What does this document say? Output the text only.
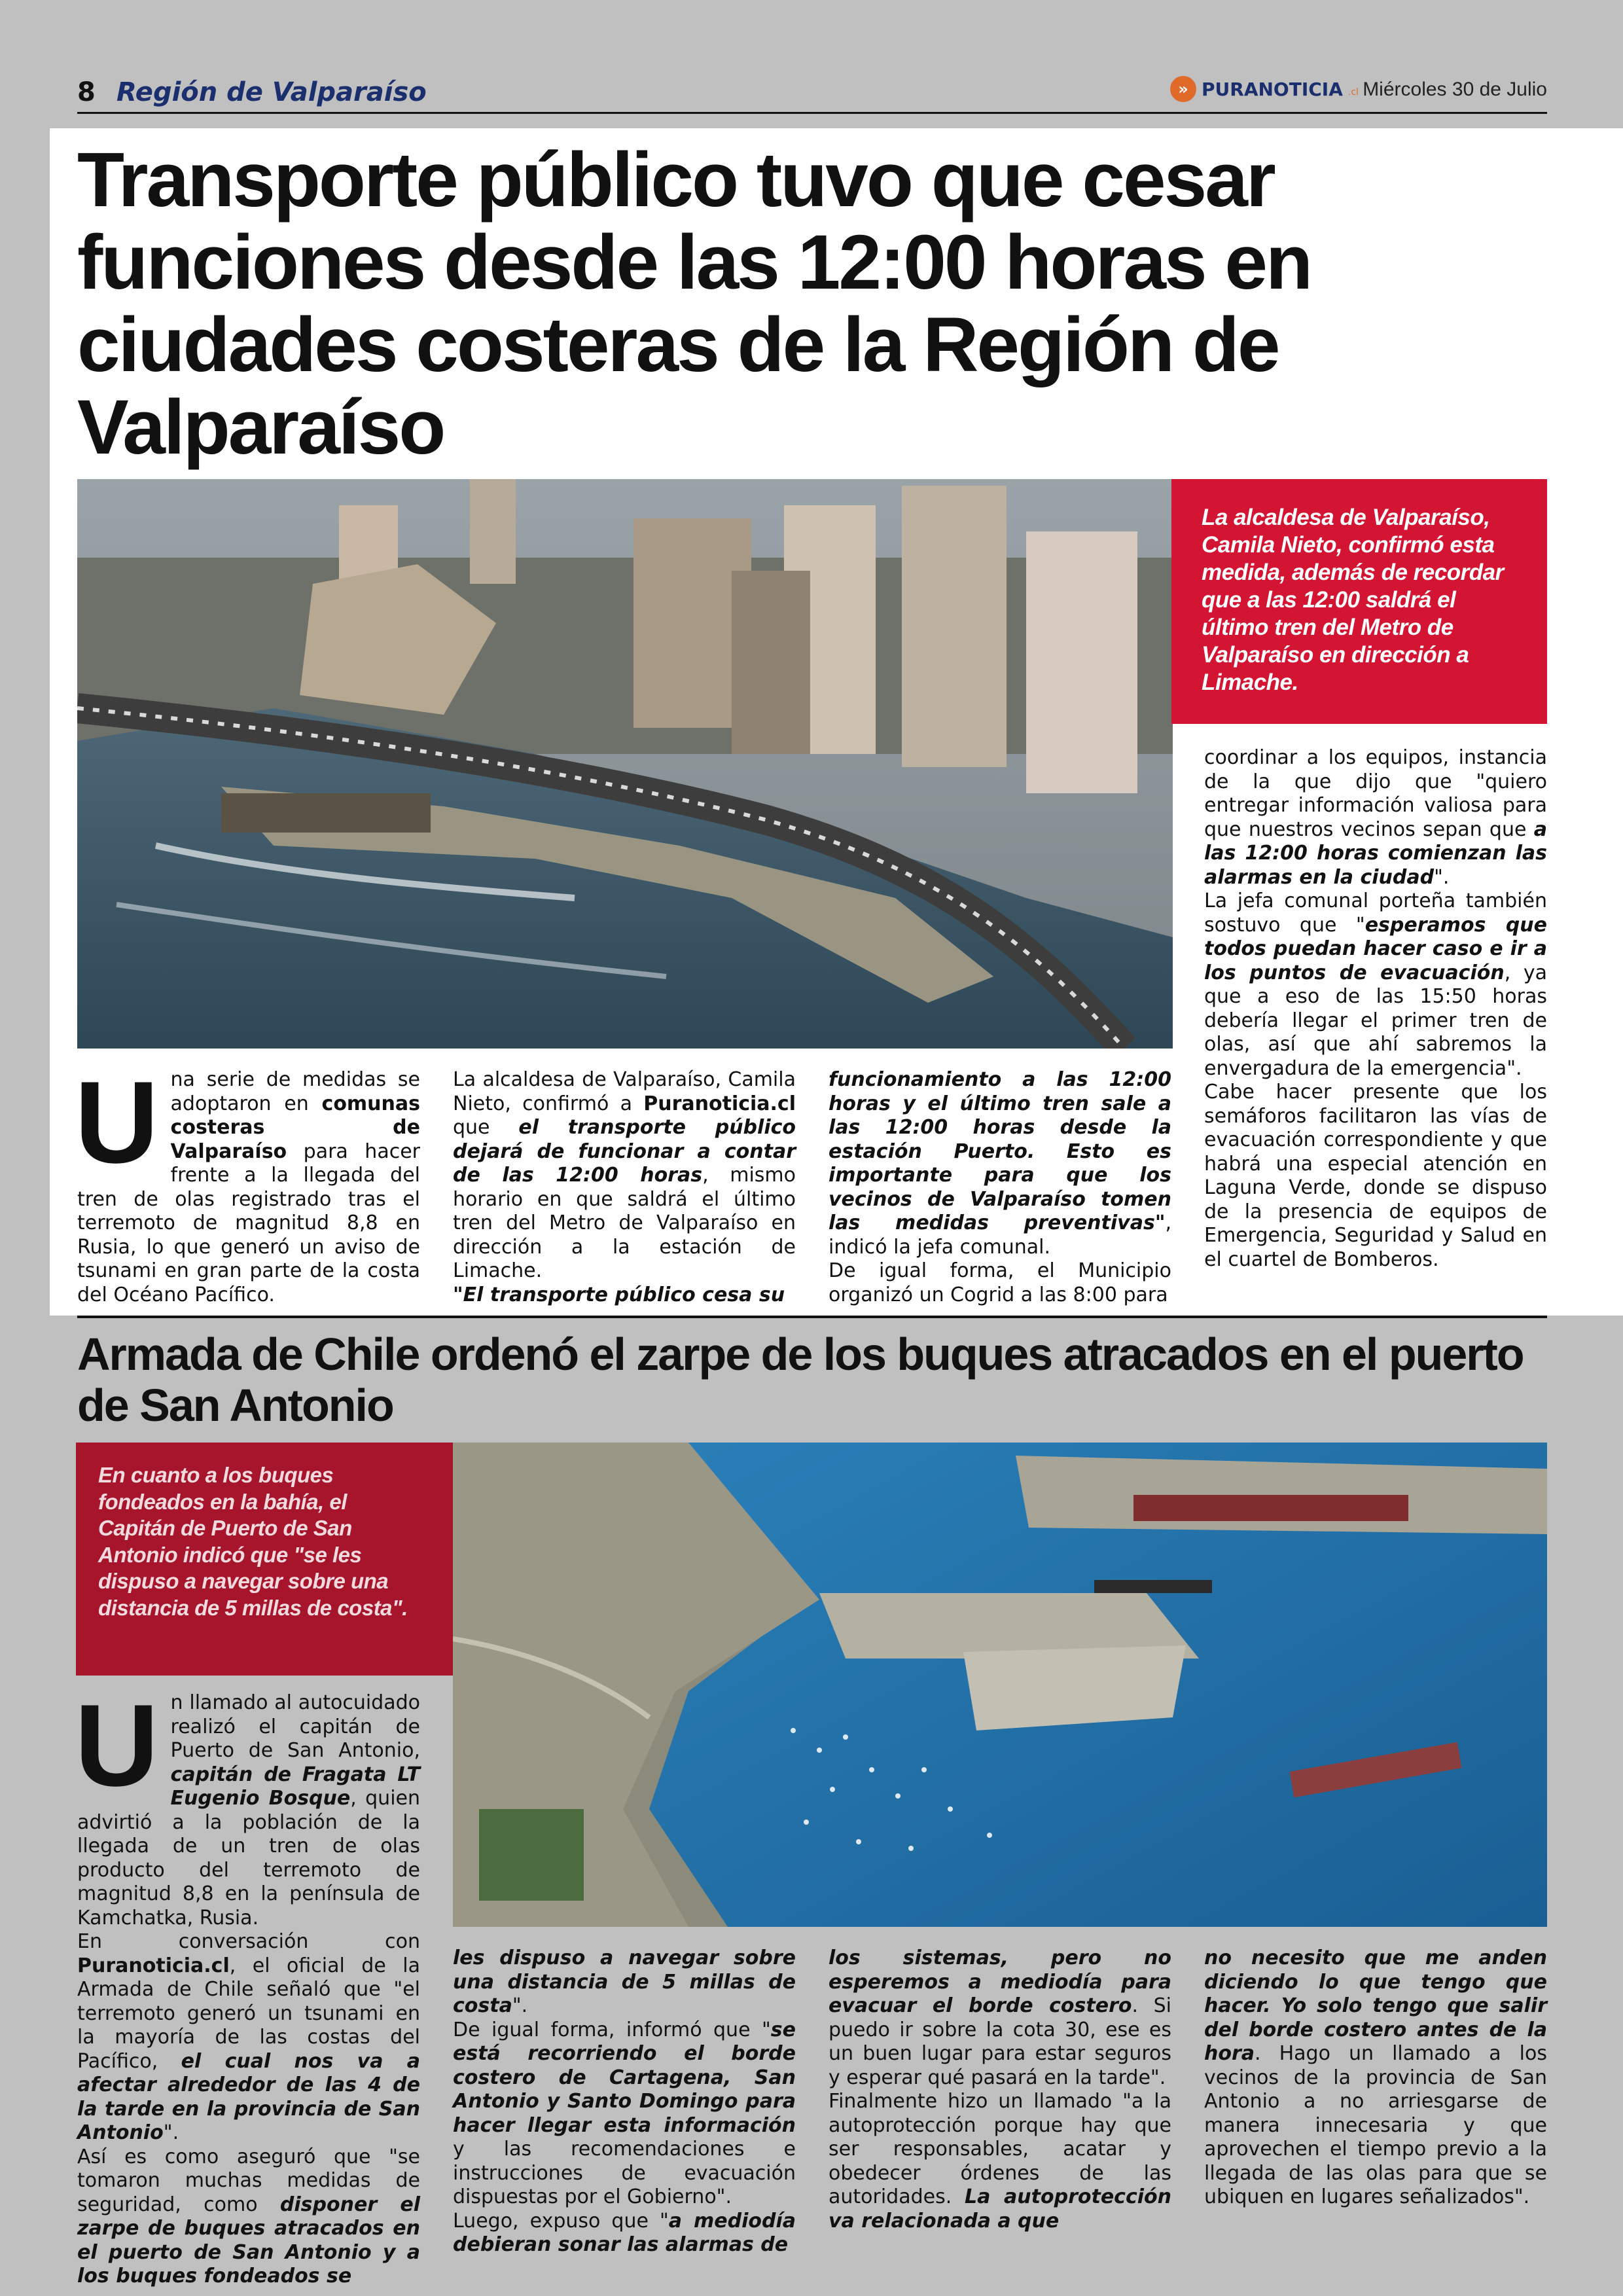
8 Región de Valparaíso	» PURANOTICIA .cl Miércoles 30 de Julio
Transporte público tuvo que cesar funciones desde las 12:00 horas en ciudades costeras de la Región de Valparaíso

La alcaldesa de Valparaíso, Camila Nieto, confirmó esta medida, además de recordar que a las 12:00 saldrá el último tren del Metro de Valparaíso en dirección a Limache.

U na serie de medidas se adoptaron en comunas costeras de Valparaíso para hacer frente a la llegada del tren de olas registrado tras el terremoto de magnitud 8,8 en Rusia, lo que generó un aviso de tsunami en gran parte de la costa del Océano Pacífico.

La alcaldesa de Valparaíso, Camila Nieto, confirmó a Puranoticia.cl que el transporte público dejará de funcionar a contar de las 12:00 horas, mismo horario en que saldrá el último tren del Metro de Valparaíso en dirección a la estación de Limache.

"El transporte público cesa su

funcionamiento a las 12:00 horas y el último tren sale a las 12:00 horas desde la estación Puerto. Esto es importante para que los vecinos de Valparaíso tomen las medidas preventivas", indicó la jefa comunal.

De igual forma, el Municipio organizó un Cogrid a las 8:00 para

coordinar a los equipos, instancia de la que dijo que "quiero entregar información valiosa para que nuestros vecinos sepan que a las 12:00 horas comienzan las alarmas en la ciudad".

La jefa comunal porteña también sostuvo que "esperamos que todos puedan hacer caso e ir a los puntos de evacuación, ya que a eso de las 15:50 horas debería llegar el primer tren de olas, así que ahí sabremos la envergadura de la emergencia".

Cabe hacer presente que los semáforos facilitaron las vías de evacuación correspondiente y que habrá una especial atención en Laguna Verde, donde se dispuso de la presencia de equipos de Emergencia, Seguridad y Salud en el cuartel de Bomberos.

Armada de Chile ordenó el zarpe de los buques atracados en el puerto de San Antonio

En cuanto a los buques fondeados en la bahía, el Capitán de Puerto de San Antonio indicó que "se les dispuso a navegar sobre una distancia de 5 millas de costa".

Un llamado al autocuidado realizó el capitán de Puerto de San Antonio, capitán de Fragata LT Eugenio Bosque, quien advirtió a la población de la llegada de un tren de olas producto del terremoto de magnitud 8,8 en la península de Kamchatka, Rusia.

En conversación con Puranoticia.cl, el oficial de la Armada de Chile señaló que "el terremoto generó un tsunami en la mayoría de las costas del Pacífico, el cual nos va a afectar alrededor de las 4 de la tarde en la provincia de San Antonio".

Así es como aseguró que "se tomaron muchas medidas de seguridad, como disponer el zarpe de buques atracados en el puerto de San Antonio y a los buques fondeados se

les dispuso a navegar sobre una distancia de 5 millas de costa".

De igual forma, informó que "se está recorriendo el borde costero de Cartagena, San Antonio y Santo Domingo para hacer llegar esta información y las recomendaciones e instrucciones de evacuación dispuestas por el Gobierno".

Luego, expuso que "a mediodía debieran sonar las alarmas de

los sistemas, pero no esperemos a mediodía para evacuar el borde costero. Si puedo ir sobre la cota 30, ese es un buen lugar para estar seguros y esperar qué pasará en la tarde".

Finalmente hizo un llamado "a la autoprotección porque hay que ser responsables, acatar y obedecer órdenes de las autoridades. La autoprotección va relacionada a que

no necesito que me anden diciendo lo que tengo que hacer. Yo solo tengo que salir del borde costero antes de la hora. Hago un llamado a los vecinos de la provincia de San Antonio a no arriesgarse de manera innecesaria y que aprovechen el tiempo previo a la llegada de las olas para que se ubiquen en lugares señalizados".
